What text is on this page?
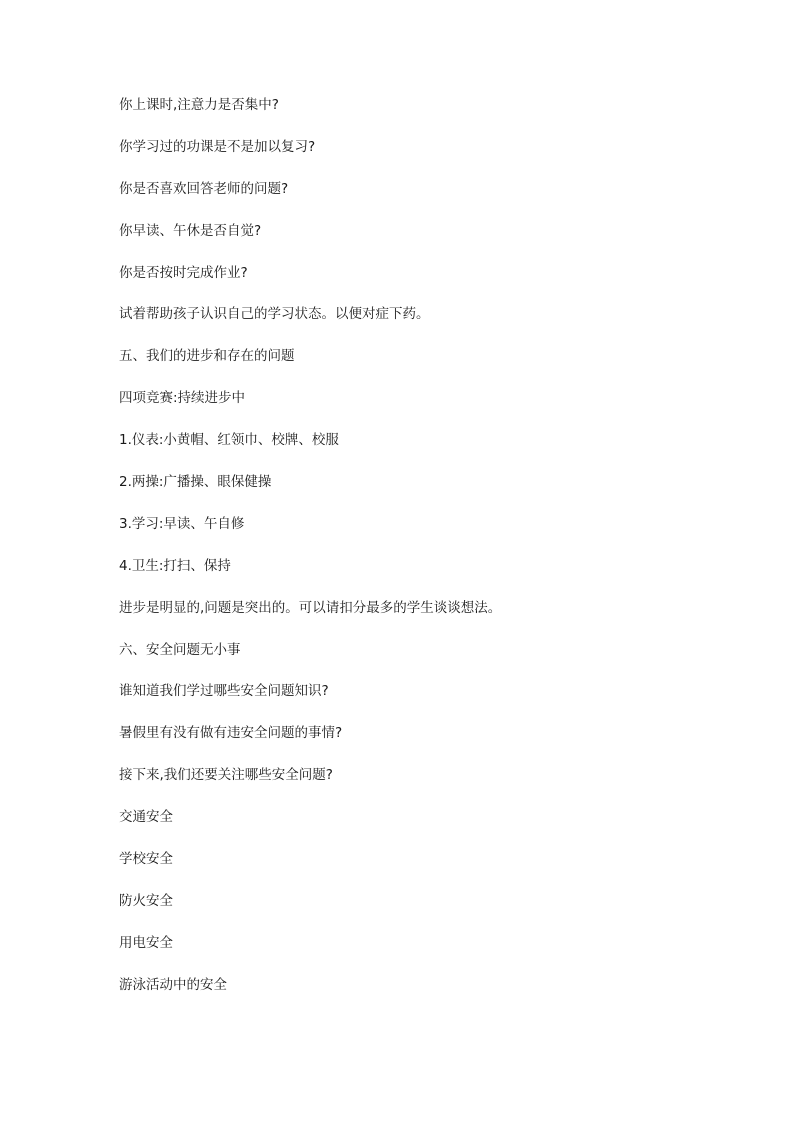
你上课时,注意力是否集中?

你学习过的功课是不是加以复习?

你是否喜欢回答老师的问题?

你早读、午休是否自觉?

你是否按时完成作业?

试着帮助孩子认识自己的学习状态。以便对症下药。

五、我们的进步和存在的问题

四项竞赛:持续进步中

1.仪表:小黄帽、红领巾、校牌、校服

2.两操:广播操、眼保健操

3.学习:早读、午自修

4.卫生:打扫、保持

进步是明显的,问题是突出的。可以请扣分最多的学生谈谈想法。

六、安全问题无小事

谁知道我们学过哪些安全问题知识?

暑假里有没有做有违安全问题的事情?

接下来,我们还要关注哪些安全问题?

交通安全

学校安全

防火安全

用电安全

游泳活动中的安全
